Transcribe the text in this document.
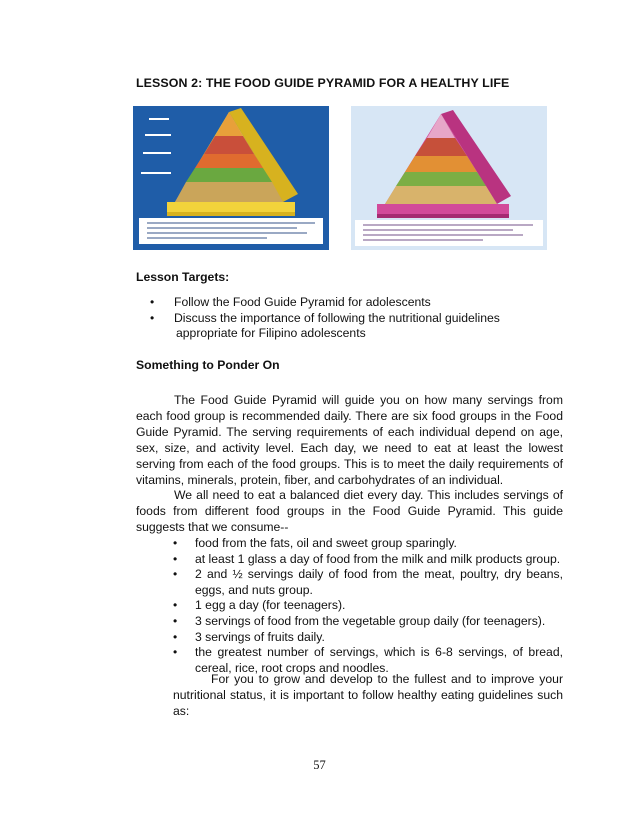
LESSON 2: THE FOOD GUIDE PYRAMID FOR A HEALTHY LIFE
Lesson Targets:
• Follow the Food Guide Pyramid for adolescents
• Discuss the importance of following the nutritional guidelines
appropriate for Filipino adolescents
Something to Ponder On

The Food Guide Pyramid will guide you on how many servings from each food group is recommended daily. There are six food groups in the Food Guide Pyramid. The serving requirements of each individual depend on age, sex, size, and activity level. Each day, we need to eat at least the lowest serving from each of the food groups. This is to meet the daily requirements of vitamins, minerals, protein, fiber, and carbohydrates of an individual.

We all need to eat a balanced diet every day. This includes servings of foods from different food groups in the Food Guide Pyramid. This guide suggests that we consume--

• food from the fats, oil and sweet group sparingly.
• at least 1 glass a day of food from the milk and milk products group.
• 2 and ½ servings daily of food from the meat, poultry, dry beans, eggs, and nuts group.
• 1 egg a day (for teenagers).
• 3 servings of food from the vegetable group daily (for teenagers).
• 3 servings of fruits daily.
• the greatest number of servings, which is 6-8 servings, of bread, cereal, rice, root crops and noodles.

For you to grow and develop to the fullest and to improve your nutritional status, it is important to follow healthy eating guidelines such as:

57
